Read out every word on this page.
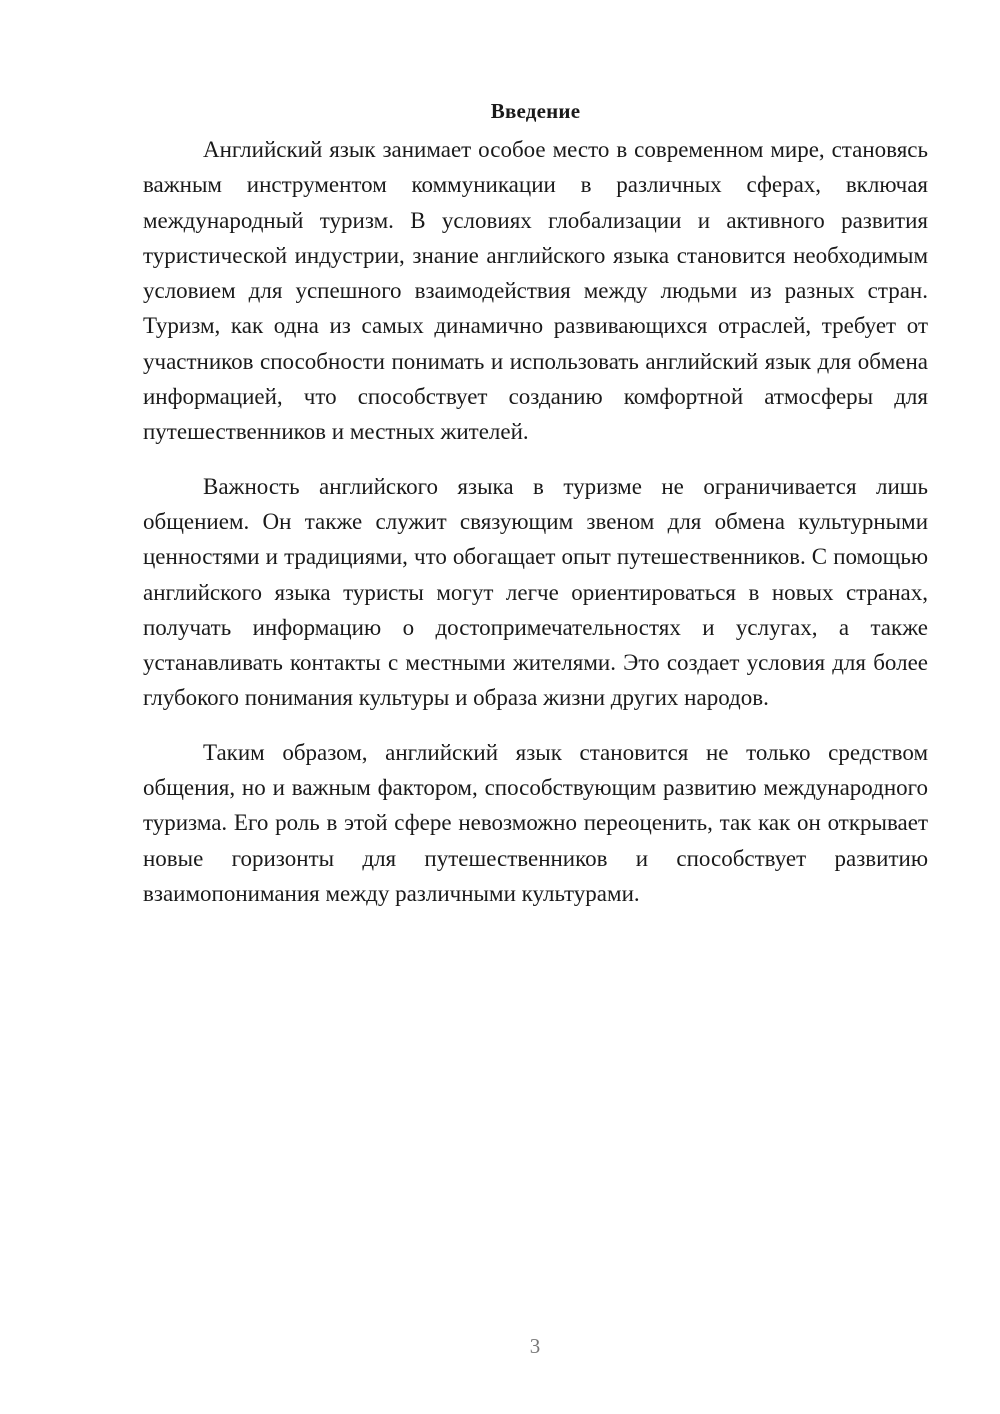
Введение

Английский язык занимает особое место в современном мире, становясь важным инструментом коммуникации в различных сферах, включая международный туризм. В условиях глобализации и активного развития туристической индустрии, знание английского языка становится необходимым условием для успешного взаимодействия между людьми из разных стран. Туризм, как одна из самых динамично развивающихся отраслей, требует от участников способности понимать и использовать английский язык для обмена информацией, что способствует созданию комфортной атмосферы для путешественников и местных жителей.

Важность английского языка в туризме не ограничивается лишь общением. Он также служит связующим звеном для обмена культурными ценностями и традициями, что обогащает опыт путешественников. С помощью английского языка туристы могут легче ориентироваться в новых странах, получать информацию о достопримечательностях и услугах, а также устанавливать контакты с местными жителями. Это создает условия для более глубокого понимания культуры и образа жизни других народов.

Таким образом, английский язык становится не только средством общения, но и важным фактором, способствующим развитию международного туризма. Его роль в этой сфере невозможно переоценить, так как он открывает новые горизонты для путешественников и способствует развитию взаимопонимания между различными культурами.

3
